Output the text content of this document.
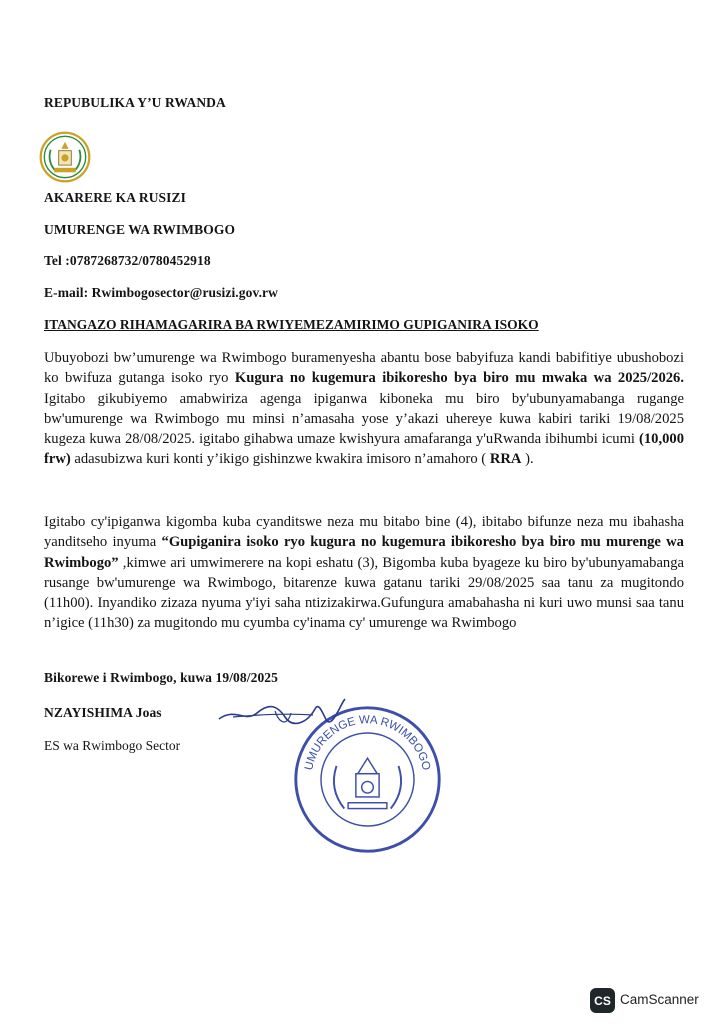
REPUBULIKA Y’U RWANDA
AKARERE KA RUSIZI
UMURENGE WA RWIMBOGO
Tel :0787268732/0780452918
E-mail: Rwimbogosector@rusizi.gov.rw
ITANGAZO RIHAMAGARIRA BA RWIYEMEZAMIRIMO GUPIGANIRA ISOKO
Ubuyobozi bw’umurenge wa Rwimbogo buramenyesha abantu bose babyifuza kandi babifitiye ubushobozi ko bwifuza gutanga isoko ryo Kugura no kugemura ibikoresho bya biro mu mwaka wa 2025/2026. Igitabo gikubiyemo amabwiriza agenga ipiganwa kiboneka mu biro by'ubunyamabanga rugange bw'umurenge wa Rwimbogo mu minsi n’amasaha yose y’akazi uhereye kuwa kabiri tariki 19/08/2025 kugeza kuwa 28/08/2025. igitabo gihabwa umaze kwishyura amafaranga y'uRwanda ibihumbi icumi (10,000 frw) adasubizwa kuri konti y’ikigo gishinzwe kwakira imisoro n’amahoro ( RRA ).
Igitabo cy'ipiganwa kigomba kuba cyanditswe neza mu bitabo bine (4), ibitabo bifunze neza mu ibahasha yanditseho inyuma “Gupiganira isoko ryo kugura no kugemura ibikoresho bya biro mu murenge wa Rwimbogo” ,kimwe ari umwimerere na kopi eshatu (3), Bigomba kuba byageze ku biro by'ubunyamabanga rusange bw'umurenge wa Rwimbogo, bitarenze kuwa gatanu tariki 29/08/2025 saa tanu za mugitondo (11h00). Inyandiko zizaza nyuma y'iyi saha ntizizakirwa.Gufungura amabahasha ni kuri uwo munsi saa tanu n’igice (11h30) za mugitondo mu cyumba cy'inama cy' umurenge wa Rwimbogo
Bikorewe i Rwimbogo, kuwa 19/08/2025
NZAYISHIMA Joas
ES wa Rwimbogo Sector
UMURENGE WA RWIMBOGO
CS CamScanner
